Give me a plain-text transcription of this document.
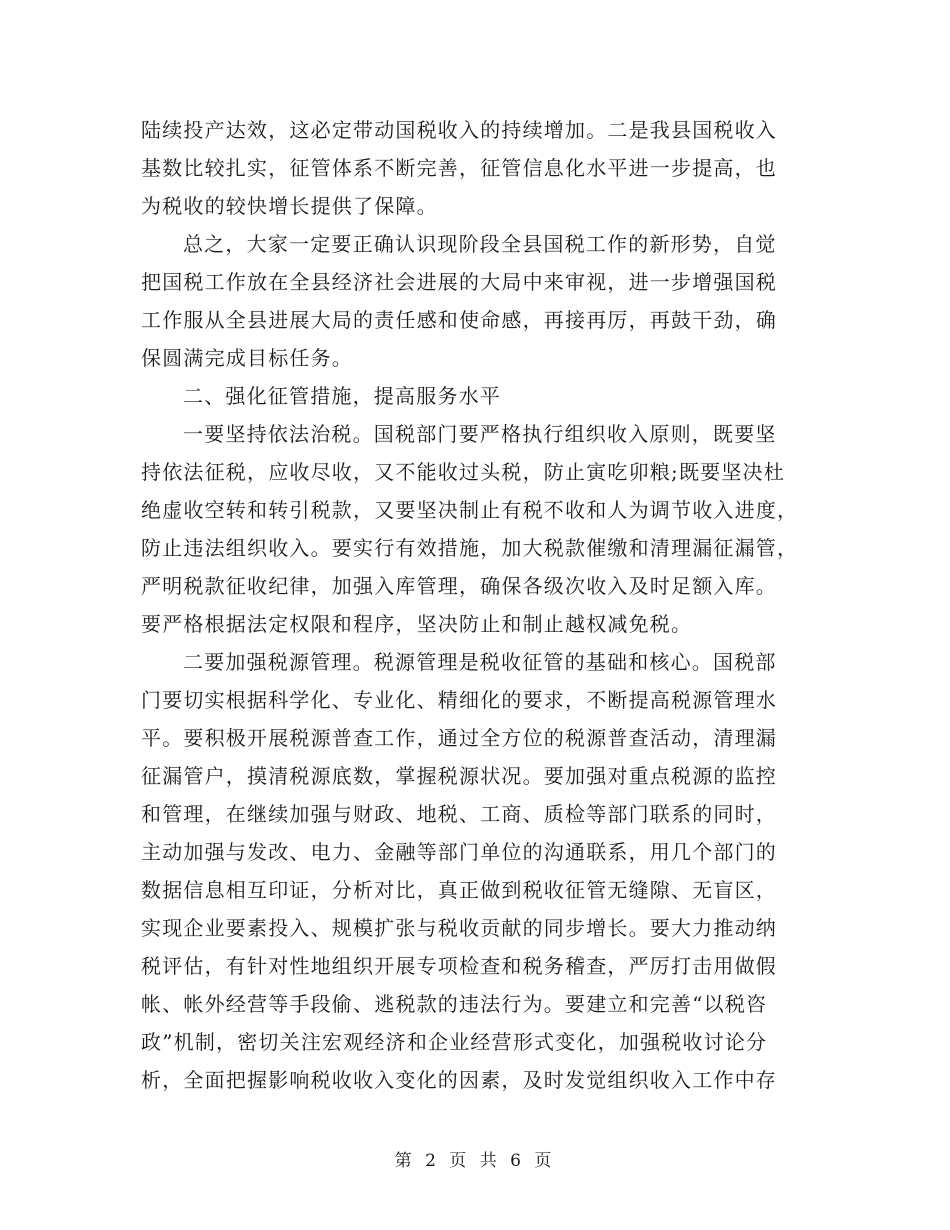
陆续投产达效，这必定带动国税收入的持续增加。二是我县国税收入
基数比较扎实，征管体系不断完善，征管信息化水平进一步提高，也
为税收的较快增长提供了保障。
总之，大家一定要正确认识现阶段全县国税工作的新形势，自觉
把国税工作放在全县经济社会进展的大局中来审视，进一步增强国税
工作服从全县进展大局的责任感和使命感，再接再厉，再鼓干劲，确
保圆满完成目标任务。
二、强化征管措施，提高服务水平
一要坚持依法治税。国税部门要严格执行组织收入原则，既要坚
持依法征税，应收尽收，又不能收过头税，防止寅吃卯粮;既要坚决杜
绝虚收空转和转引税款，又要坚决制止有税不收和人为调节收入进度，
防止违法组织收入。要实行有效措施，加大税款催缴和清理漏征漏管，
严明税款征收纪律，加强入库管理，确保各级次收入及时足额入库。
要严格根据法定权限和程序，坚决防止和制止越权减免税。
二要加强税源管理。税源管理是税收征管的基础和核心。国税部
门要切实根据科学化、专业化、精细化的要求，不断提高税源管理水
平。要积极开展税源普查工作，通过全方位的税源普查活动，清理漏
征漏管户，摸清税源底数，掌握税源状况。要加强对重点税源的监控
和管理，在继续加强与财政、地税、工商、质检等部门联系的同时，
主动加强与发改、电力、金融等部门单位的沟通联系，用几个部门的
数据信息相互印证，分析对比，真正做到税收征管无缝隙、无盲区，
实现企业要素投入、规模扩张与税收贡献的同步增长。要大力推动纳
税评估，有针对性地组织开展专项检查和税务稽查，严厉打击用做假
帐、帐外经营等手段偷、逃税款的违法行为。要建立和完善“以税咨
政”机制，密切关注宏观经济和企业经营形式变化，加强税收讨论分
析，全面把握影响税收收入变化的因素，及时发觉组织收入工作中存
第 2 页 共 6 页
